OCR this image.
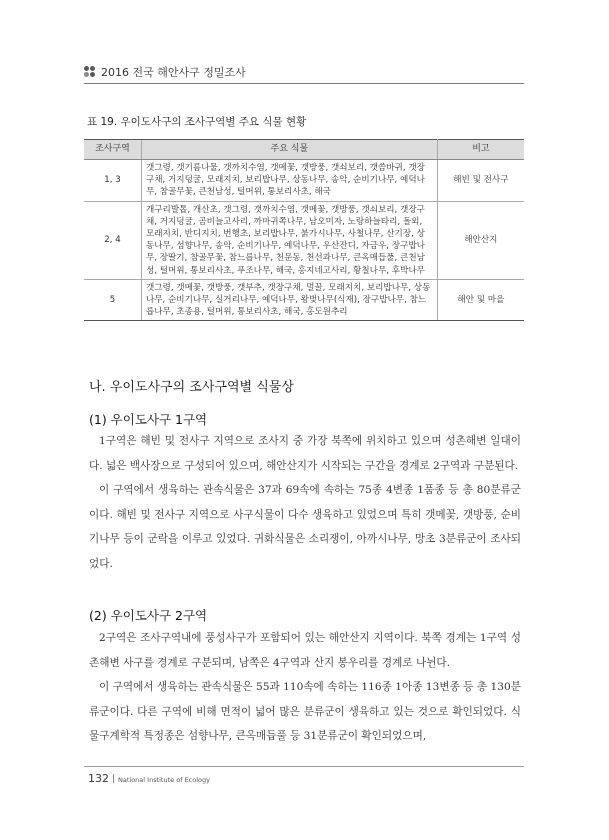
2016 전국 해안사구 정밀조사
표 19. 우이도사구의 조사구역별 주요 식물 현황
조사구역	주요 식물	비고
1, 3	갯그령, 갯기름나물, 갯까치수염, 갯메꽃, 갯방풍, 갯쇠보리, 갯씀바귀, 갯장구채, 거지덩굴, 모래지치, 보리밥나무, 상동나무, 송악, 순비기나무, 예덕나무, 참골무꽃, 큰천남성, 털머위, 통보리사초, 해국	해빈 및 전사구
2, 4	개구리발톱, 개산초, 갯그령, 갯까치수염, 갯메꽃, 갯방풍, 갯쇠보리, 갯장구채, 거지덩굴, 곰비늘고사리, 까마귀쪽나무, 남오미자, 노랑하늘타리, 돌외, 모래지치, 반디지치, 번행초, 보리밥나무, 붉가시나무, 사철나무, 산기장, 상동나무, 섬향나무, 송악, 순비기나무, 예덕나무, 우산잔디, 자금우, 장구밥나무, 장딸기, 참골무꽃, 참느릅나무, 천문동, 천선과나무, 큰옥매듭풀, 큰천남성, 털머위, 통보리사초, 푸조나무, 해국, 홍지네고사리, 황칠나무, 후박나무	해안산지
5	갯그령, 갯메꽃, 갯방풍, 갯부추, 갯장구채, 멀꿀, 모래지치, 보리밥나무, 상동나무, 순비기나무, 실거리나무, 예덕나무, 왕벚나무(식재), 장구밥나무, 참느릅나무, 초종용, 털머위, 통보리사초, 해국, 홍도원추리	해안 및 마을
나. 우이도사구의 조사구역별 식물상
(1) 우이도사구 1구역

1구역은 해빈 및 전사구 지역으로 조사지 중 가장 북쪽에 위치하고 있으며 성촌해변 일대이다. 넓은 백사장으로 구성되어 있으며, 해안산지가 시작되는 구간을 경계로 2구역과 구분된다.

이 구역에서 생육하는 관속식물은 37과 69속에 속하는 75종 4변종 1품종 등 총 80분류군이다. 해빈 및 전사구 지역으로 사구식물이 다수 생육하고 있었으며 특히 갯메꽃, 갯방풍, 순비기나무 등이 군락을 이루고 있었다. 귀화식물은 소리쟁이, 아까시나무, 망초 3분류군이 조사되었다.

(2) 우이도사구 2구역

2구역은 조사구역내에 풍성사구가 포함되어 있는 해안산지 지역이다. 북쪽 경계는 1구역 성촌해변 사구를 경계로 구분되며, 남쪽은 4구역과 산지 봉우리를 경계로 나뉜다.

이 구역에서 생육하는 관속식물은 55과 110속에 속하는 116종 1아종 13변종 등 총 130분류군이다. 다른 구역에 비해 면적이 넓어 많은 분류군이 생육하고 있는 것으로 확인되었다. 식물구계학적 특정종은 섬향나무, 큰옥매듭풀 등 31분류군이 확인되었으며,

132 National Institute of Ecology
